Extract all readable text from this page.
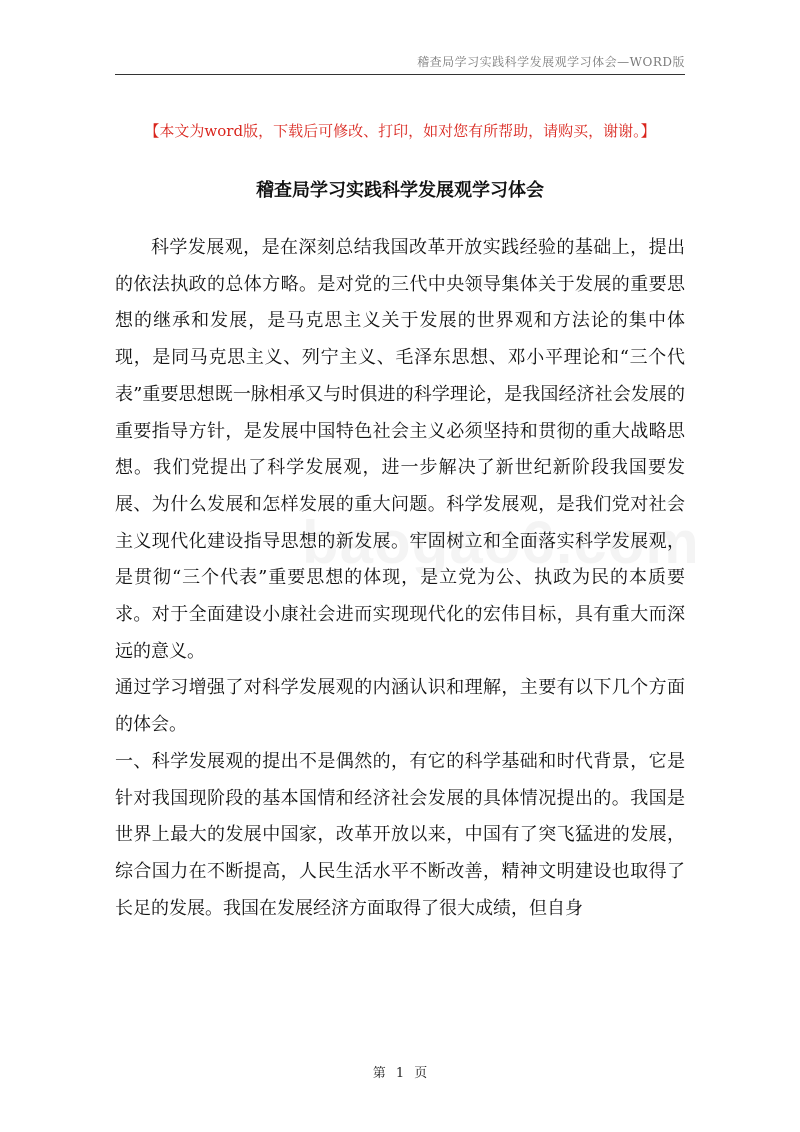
稽查局学习实践科学发展观学习体会—WORD版
【本文为word版，下载后可修改、打印，如对您有所帮助，请购买，谢谢。】
稽查局学习实践科学发展观学习体会

科学发展观，是在深刻总结我国改革开放实践经验的基础上，提出的依法执政的总体方略。是对党的三代中央领导集体关于发展的重要思想的继承和发展，是马克思主义关于发展的世界观和方法论的集中体现，是同马克思主义、列宁主义、毛泽东思想、邓小平理论和“三个代表”重要思想既一脉相承又与时俱进的科学理论，是我国经济社会发展的重要指导方针，是发展中国特色社会主义必须坚持和贯彻的重大战略思想。我们党提出了科学发展观，进一步解决了新世纪新阶段我国要发展、为什么发展和怎样发展的重大问题。科学发展观，是我们党对社会主义现代化建设指导思想的新发展。牢固树立和全面落实科学发展观，是贯彻“三个代表”重要思想的体现，是立党为公、执政为民的本质要求。对于全面建设小康社会进而实现现代化的宏伟目标，具有重大而深远的意义。

通过学习增强了对科学发展观的内涵认识和理解，主要有以下几个方面的体会。

一、科学发展观的提出不是偶然的，有它的科学基础和时代背景，它是针对我国现阶段的基本国情和经济社会发展的具体情况提出的。我国是世界上最大的发展中国家，改革开放以来，中国有了突飞猛进的发展，综合国力在不断提高，人民生活水平不断改善，精神文明建设也取得了长足的发展。我国在发展经济方面取得了很大成绩，但自身

第 1 页
